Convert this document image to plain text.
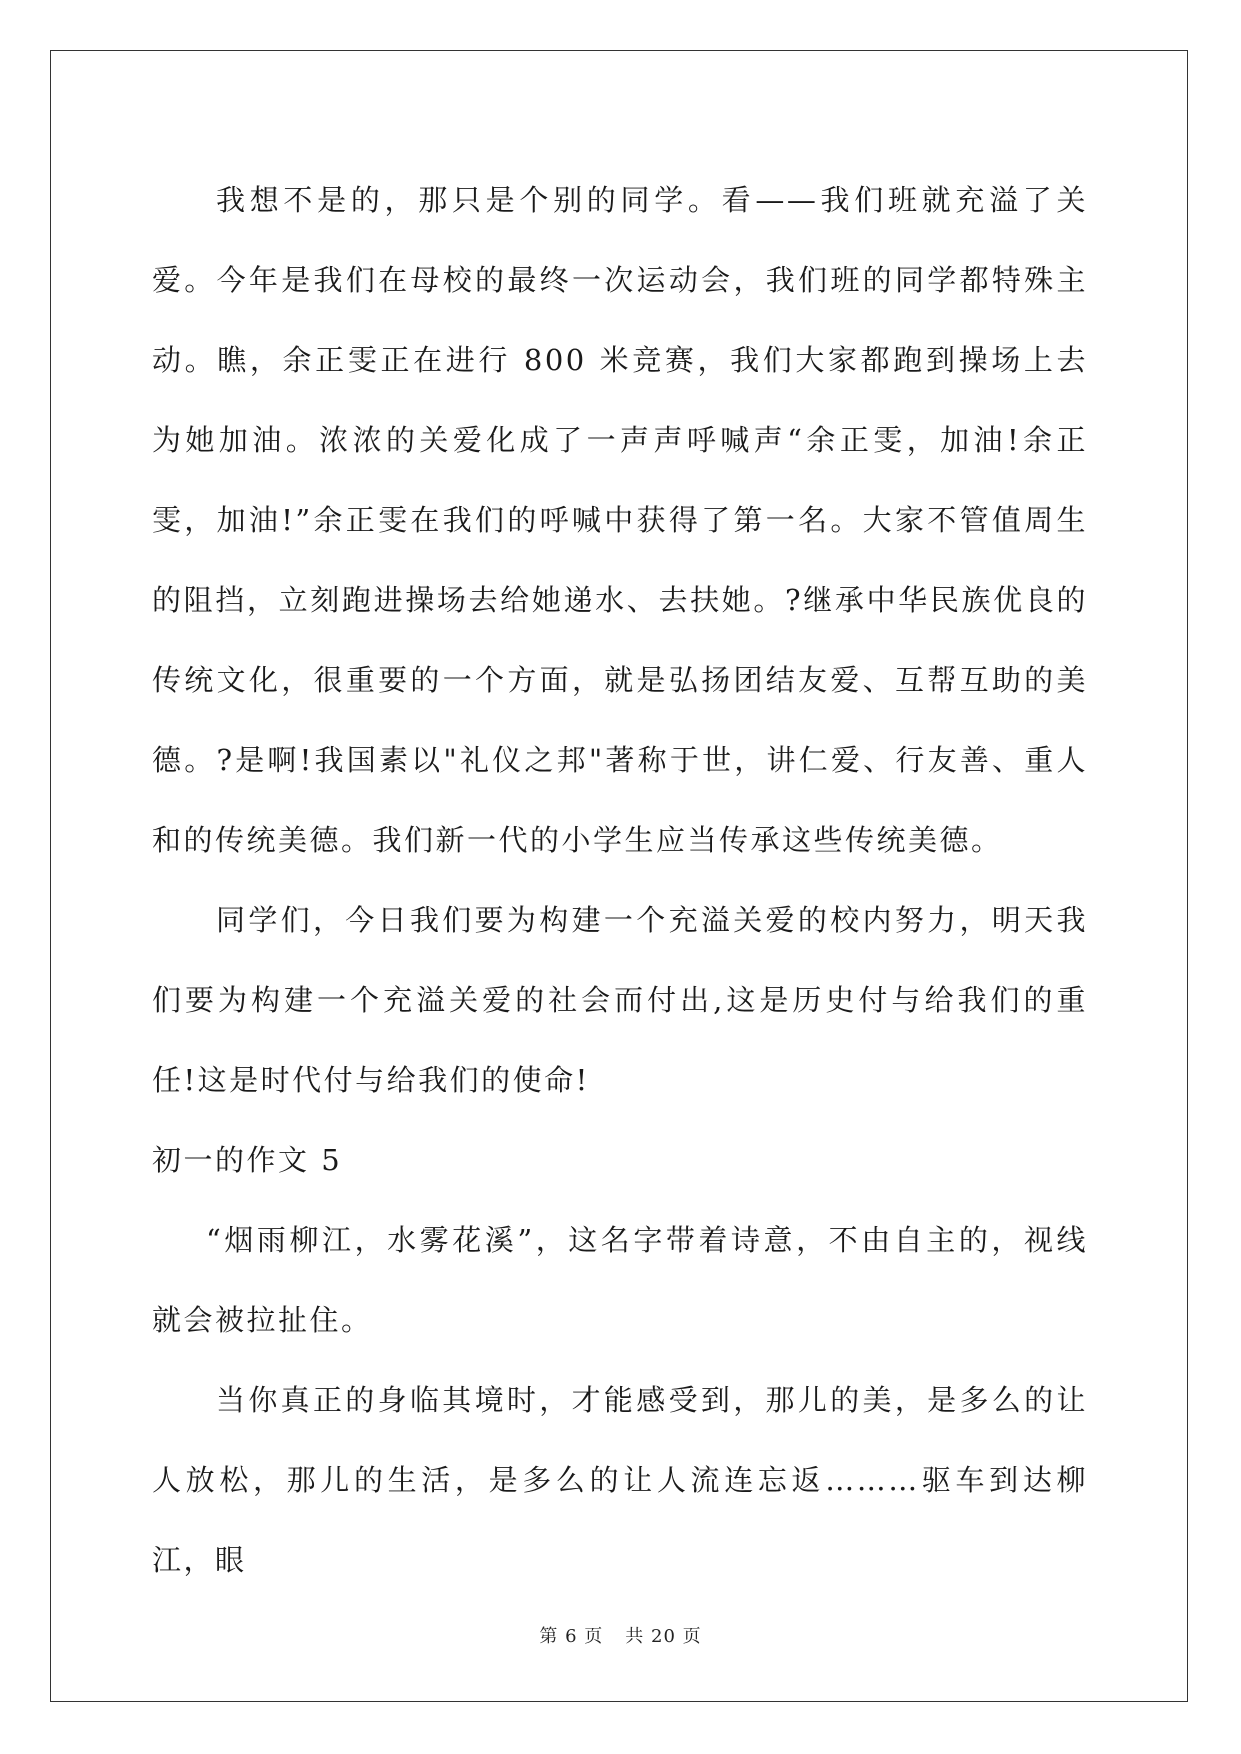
我想不是的，那只是个别的同学。看——我们班就充溢了关爱。今年是我们在母校的最终一次运动会，我们班的同学都特殊主动。瞧，余正雯正在进行 800 米竞赛，我们大家都跑到操场上去为她加油。浓浓的关爱化成了一声声呼喊声“余正雯，加油!余正雯，加油!”余正雯在我们的呼喊中获得了第一名。大家不管值周生的阻挡，立刻跑进操场去给她递水、去扶她。?继承中华民族优良的传统文化，很重要的一个方面，就是弘扬团结友爱、互帮互助的美德。?是啊!我国素以"礼仪之邦"著称于世，讲仁爱、行友善、重人和的传统美德。我们新一代的小学生应当传承这些传统美德。

同学们，今日我们要为构建一个充溢关爱的校内努力，明天我们要为构建一个充溢关爱的社会而付出,这是历史付与给我们的重任!这是时代付与给我们的使命!

初一的作文 5

“烟雨柳江，水雾花溪”，这名字带着诗意，不由自主的，视线就会被拉扯住。

当你真正的身临其境时，才能感受到，那儿的美，是多么的让人放松，那儿的生活，是多么的让人流连忘返………驱车到达柳江，眼

第 6 页 共 20 页
